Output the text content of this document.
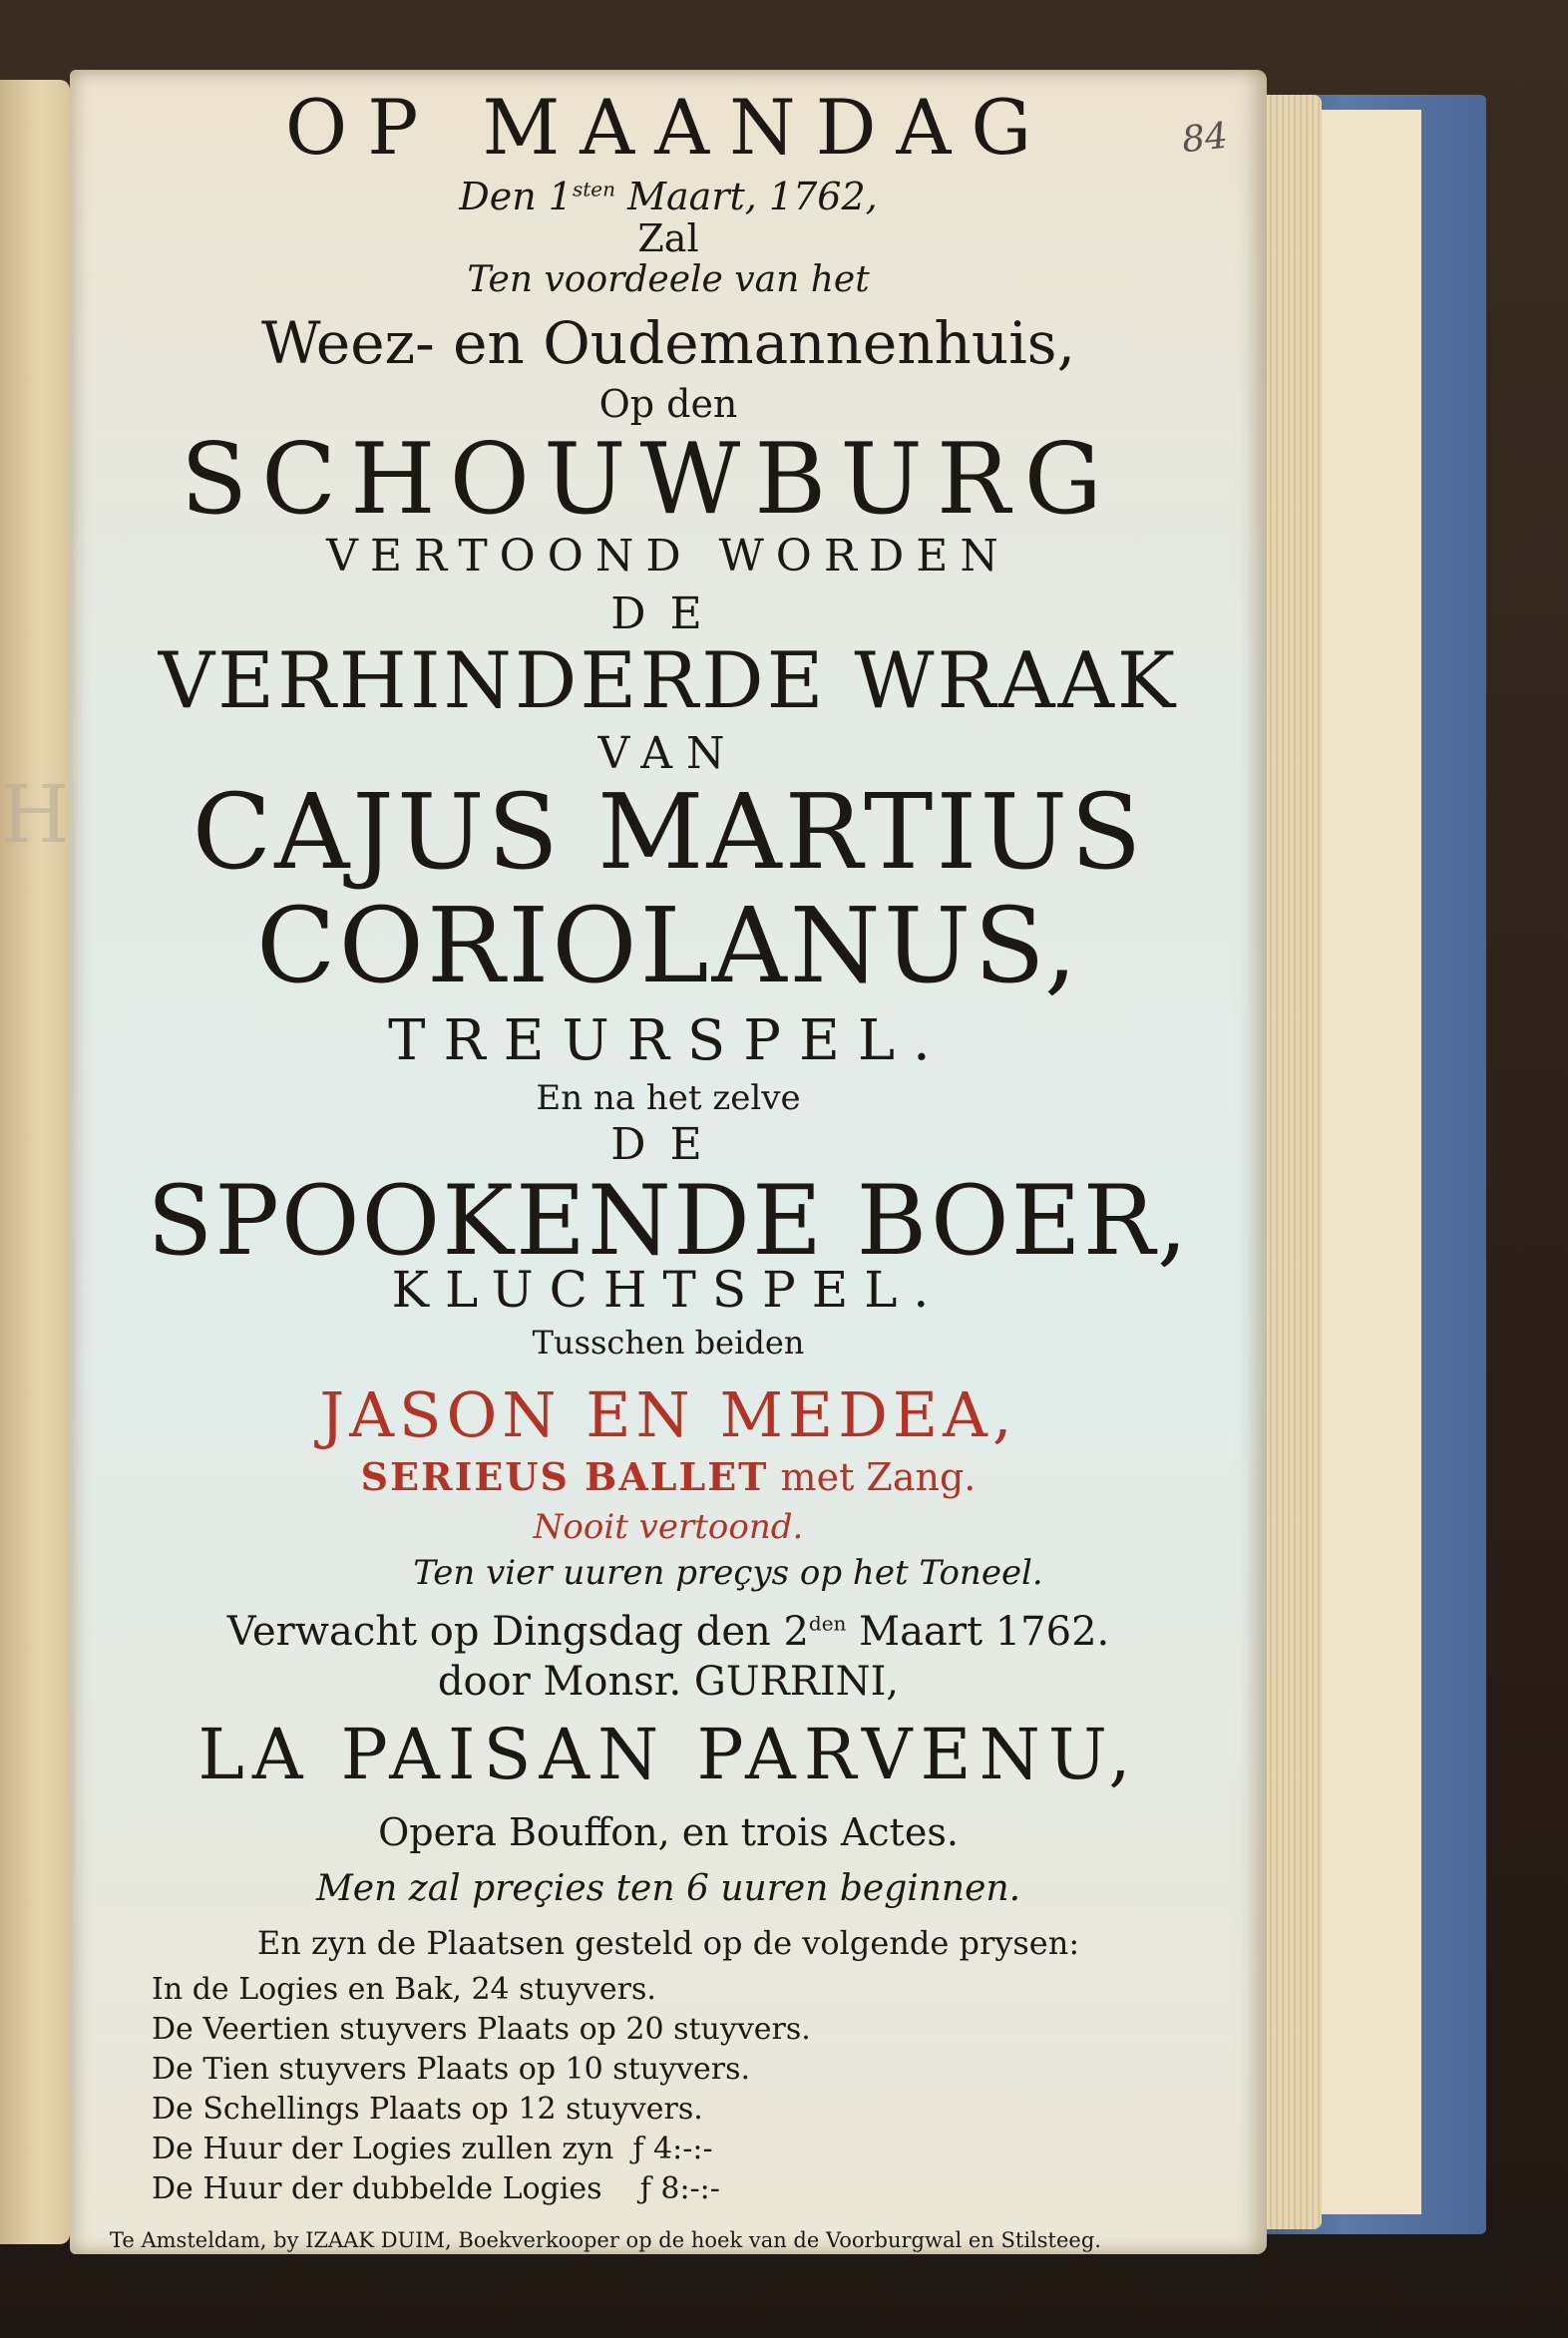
H
84
OP MAANDAG
Den $1^{sten}$ Maart, 1762,
Zal
Ten voordeele van het
Weez- en Oudemannenhuis,
Op den
SCHOUWBURG
VERTOOND WORDEN
DE
VERHINDERDE WRAAK
VAN
CAJUS MARTIUS
CORIOLANUS,
TREURSPEL.
En na het zelve
DE
SPOOKENDE BOER,
KLUCHTSPEL.
Tusschen beiden
JASON EN MEDEA,
SERIEUS BALLET met Zang.
Nooit vertoond.
Ten vier uuren preçys op het Toneel.
Verwacht op Dingsdag den $2^{den}$ Maart 1762.
door Monsr. GURRINI,
LA PAISAN PARVENU,
Opera Bouffon, en trois Actes.
Men zal preçies ten 6 uuren beginnen.
En zyn de Plaatsen gesteld op de volgende prysen:
In de Logies en Bak, 24 stuyvers.
De Veertien stuyvers Plaats op 20 stuyvers.
De Tien stuyvers Plaats op 10 stuyvers.
De Schellings Plaats op 12 stuyvers.
De Huur der Logies zullen zyn  ƒ 4:-:-
De Huur der dubbelde Logies    ƒ 8:-:-
Te Amsteldam, by IZAAK DUIM, Boekverkooper op de hoek van de Voorburgwal en Stilsteeg.
